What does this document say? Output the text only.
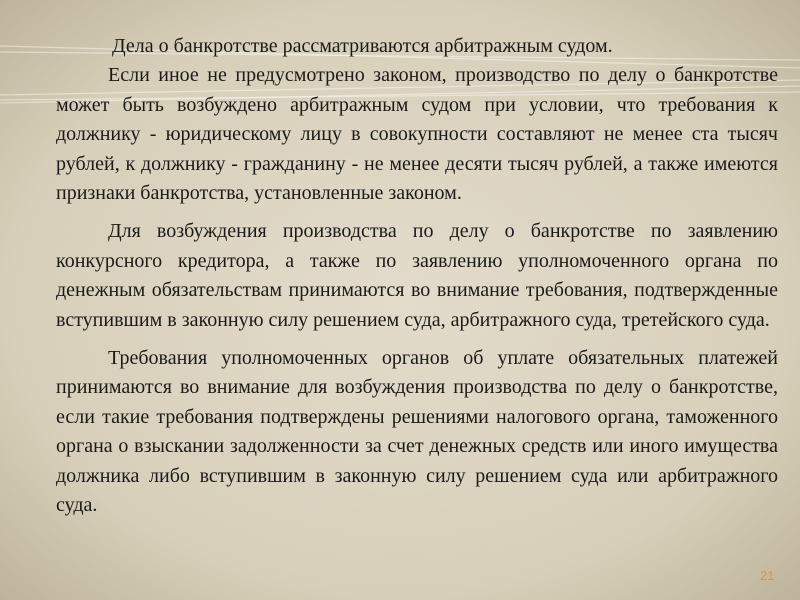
Дела о банкротстве рассматриваются арбитражным судом.

Если иное не предусмотрено законом, производство по делу о банкротстве может быть возбуждено арбитражным судом при условии, что требования к должнику - юридическому лицу в совокупности составляют не менее ста тысяч рублей, к должнику - гражданину - не менее десяти тысяч рублей, а также имеются признаки банкротства, установленные законом.

Для возбуждения производства по делу о банкротстве по заявлению конкурсного кредитора, а также по заявлению уполномоченного органа по денежным обязательствам принимаются во внимание требования, подтвержденные вступившим в законную силу решением суда, арбитражного суда, третейского суда.

Требования уполномоченных органов об уплате обязательных платежей принимаются во внимание для возбуждения производства по делу о банкротстве, если такие требования подтверждены решениями налогового органа, таможенного органа о взыскании задолженности за счет денежных средств или иного имущества должника либо вступившим в законную силу решением суда или арбитражного суда.

21
